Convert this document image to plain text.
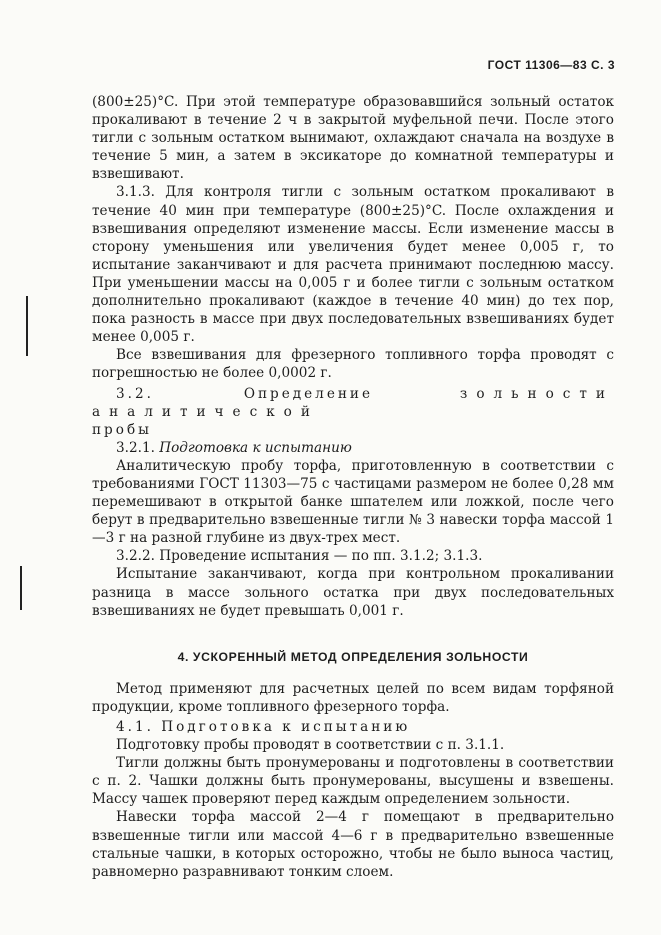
ГОСТ 11306—83 С. 3

(800±25)°C. При этой температуре образовавшийся зольный остаток прокаливают в течение 2 ч в закрытой муфельной печи. После этого тигли с зольным остатком вынимают, охлаждают сначала на воздухе в течение 5 мин, а затем в эксикаторе до комнатной температуры и взвешивают.

3.1.3. Для контроля тигли с зольным остатком прокаливают в течение 40 мин при температуре (800±25)°C. После охлаждения и взвешивания определяют изменение массы. Если изменение массы в сторону уменьшения или увеличения будет менее 0,005 г, то испытание заканчивают и для расчета принимают последнюю массу. При уменьшении массы на 0,005 г и более тигли с зольным остатком дополнительно прокаливают (каждое в течение 40 мин) до тех пор, пока разность в массе при двух последовательных взвешиваниях будет менее 0,005 г.

Все взвешивания для фрезерного топливного торфа проводят с погрешностью не более 0,0002 г.

3.2. Определение	зольности аналитической

пробы

3.2.1. Подготовка к испытанию

Аналитическую пробу торфа, приготовленную в соответствии с требованиями ГОСТ 11303—75 с частицами размером не более 0,28 мм перемешивают в открытой банке шпателем или ложкой, после чего берут в предварительно взвешенные тигли № 3 навески торфа массой 1—3 г на разной глубине из двух-трех мест.

3.2.2. Проведение испытания — по пп. 3.1.2; 3.1.3.

Испытание заканчивают, когда при контрольном прокаливании разница в массе зольного остатка при двух последовательных взвешиваниях не будет превышать 0,001 г.

4. УСКОРЕННЫЙ МЕТОД ОПРЕДЕЛЕНИЯ ЗОЛЬНОСТИ

Метод применяют для расчетных целей по всем видам торфяной продукции, кроме топливного фрезерного торфа.

4.1. Подготовка к испытанию

Подготовку пробы проводят в соответствии с п. 3.1.1.

Тигли должны быть пронумерованы и подготовлены в соответствии с п. 2. Чашки должны быть пронумерованы, высушены и взвешены. Массу чашек проверяют перед каждым определением зольности.

Навески торфа массой 2—4 г помещают в предварительно взвешенные тигли или массой 4—6 г в предварительно взвешенные стальные чашки, в которых осторожно, чтобы не было выноса частиц, равномерно разравнивают тонким слоем.
